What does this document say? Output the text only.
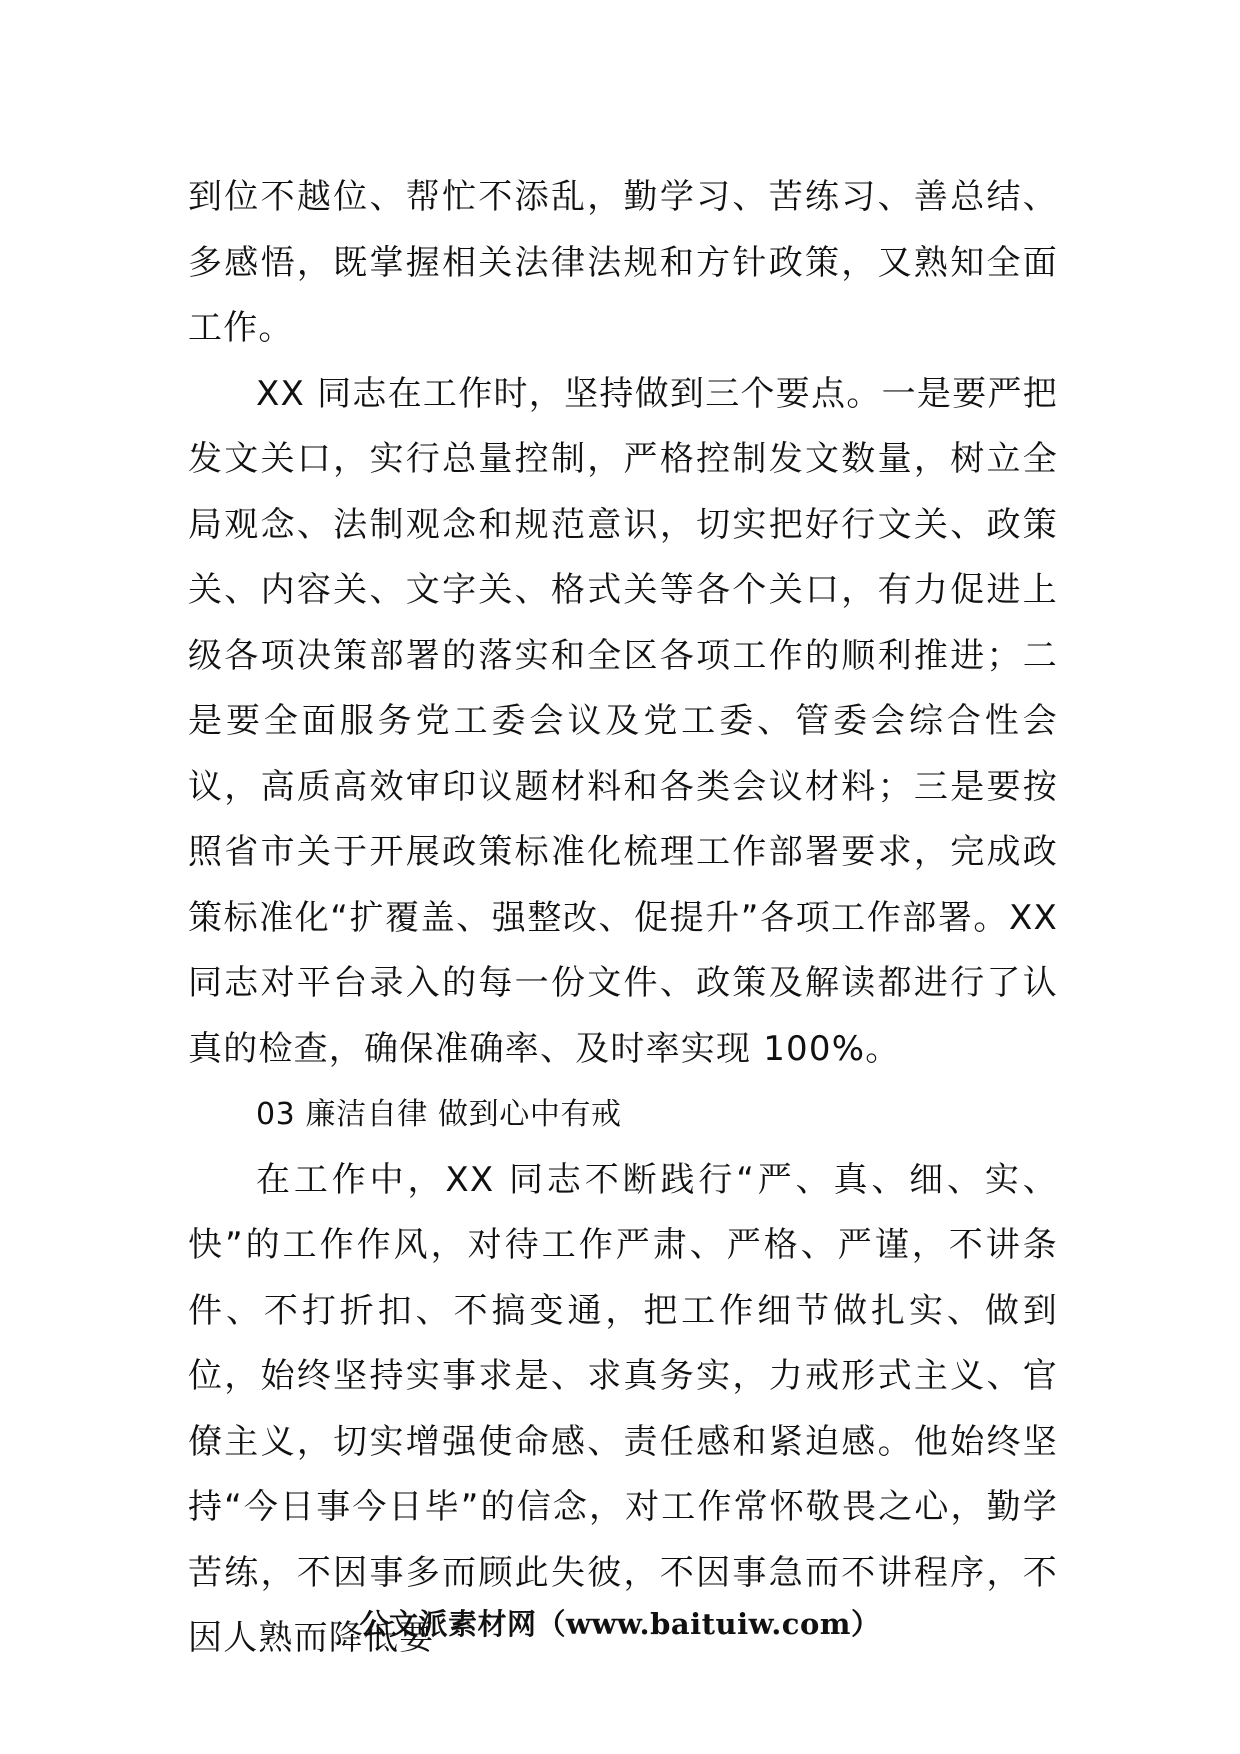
到位不越位、帮忙不添乱，勤学习、苦练习、善总结、多感悟，既掌握相关法律法规和方针政策，又熟知全面工作。

XX 同志在工作时，坚持做到三个要点。一是要严把发文关口，实行总量控制，严格控制发文数量，树立全局观念、法制观念和规范意识，切实把好行文关、政策关、内容关、文字关、格式关等各个关口，有力促进上级各项决策部署的落实和全区各项工作的顺利推进；二是要全面服务党工委会议及党工委、管委会综合性会议，高质高效审印议题材料和各类会议材料；三是要按照省市关于开展政策标准化梳理工作部署要求，完成政策标准化“扩覆盖、强整改、促提升”各项工作部署。XX 同志对平台录入的每一份文件、政策及解读都进行了认真的检查，确保准确率、及时率实现 100%。

03 廉洁自律 做到心中有戒

在工作中，XX 同志不断践行“严、真、细、实、快”的工作作风，对待工作严肃、严格、严谨，不讲条件、不打折扣、不搞变通，把工作细节做扎实、做到位，始终坚持实事求是、求真务实，力戒形式主义、官僚主义，切实增强使命感、责任感和紧迫感。他始终坚持“今日事今日毕”的信念，对工作常怀敬畏之心，勤学苦练，不因事多而顾此失彼，不因事急而不讲程序，不因人熟而降低要

公文派素材网（www.baituiw.com）
